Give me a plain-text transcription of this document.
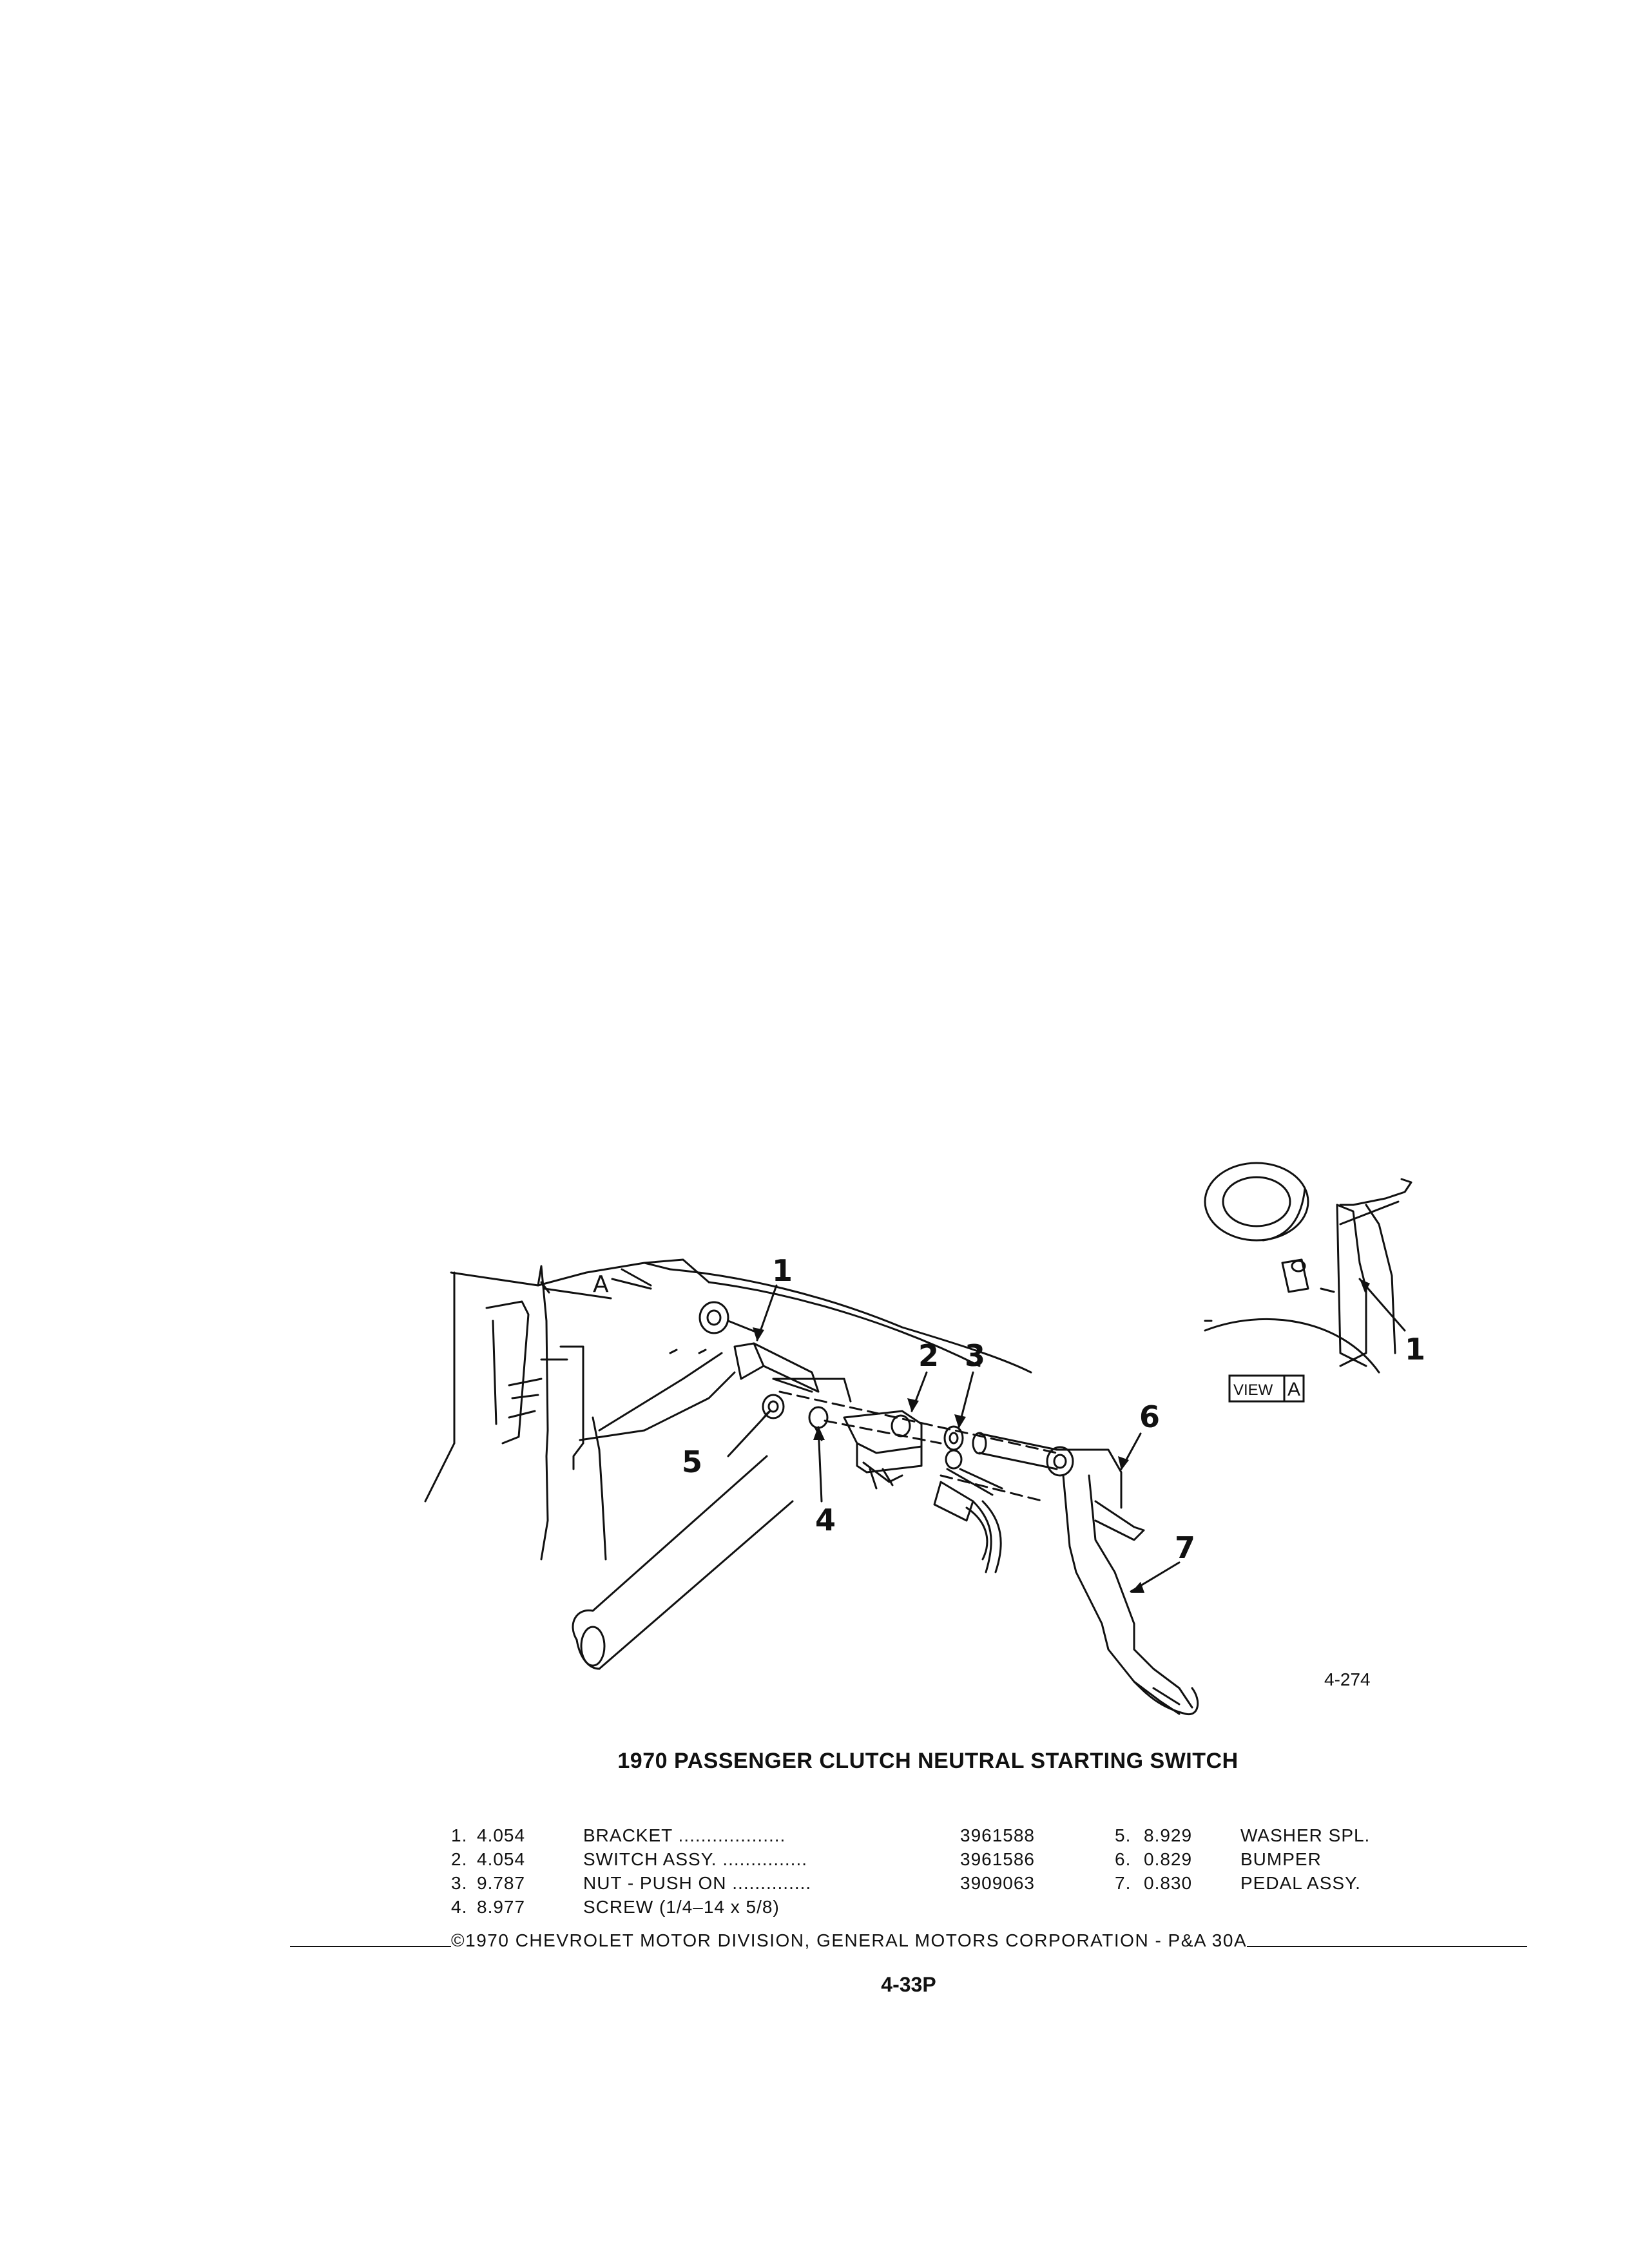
1
2 3
4
5
6
7
1
A
VIEW A
4-274
1970 PASSENGER CLUTCH NEUTRAL STARTING SWITCH
1. 4.054	BRACKET ...................	3961588
2. 4.054	SWITCH ASSY. ...............	3961586
3. 9.787	NUT - PUSH ON ..............	3909063
4. 8.977	SCREW (1/4–14 x 5/8)
5. 8.929	WASHER SPL.
6. 0.829	BUMPER
7. 0.830	PEDAL ASSY.
©1970 CHEVROLET MOTOR DIVISION, GENERAL MOTORS CORPORATION - P&A 30A
4-33P
